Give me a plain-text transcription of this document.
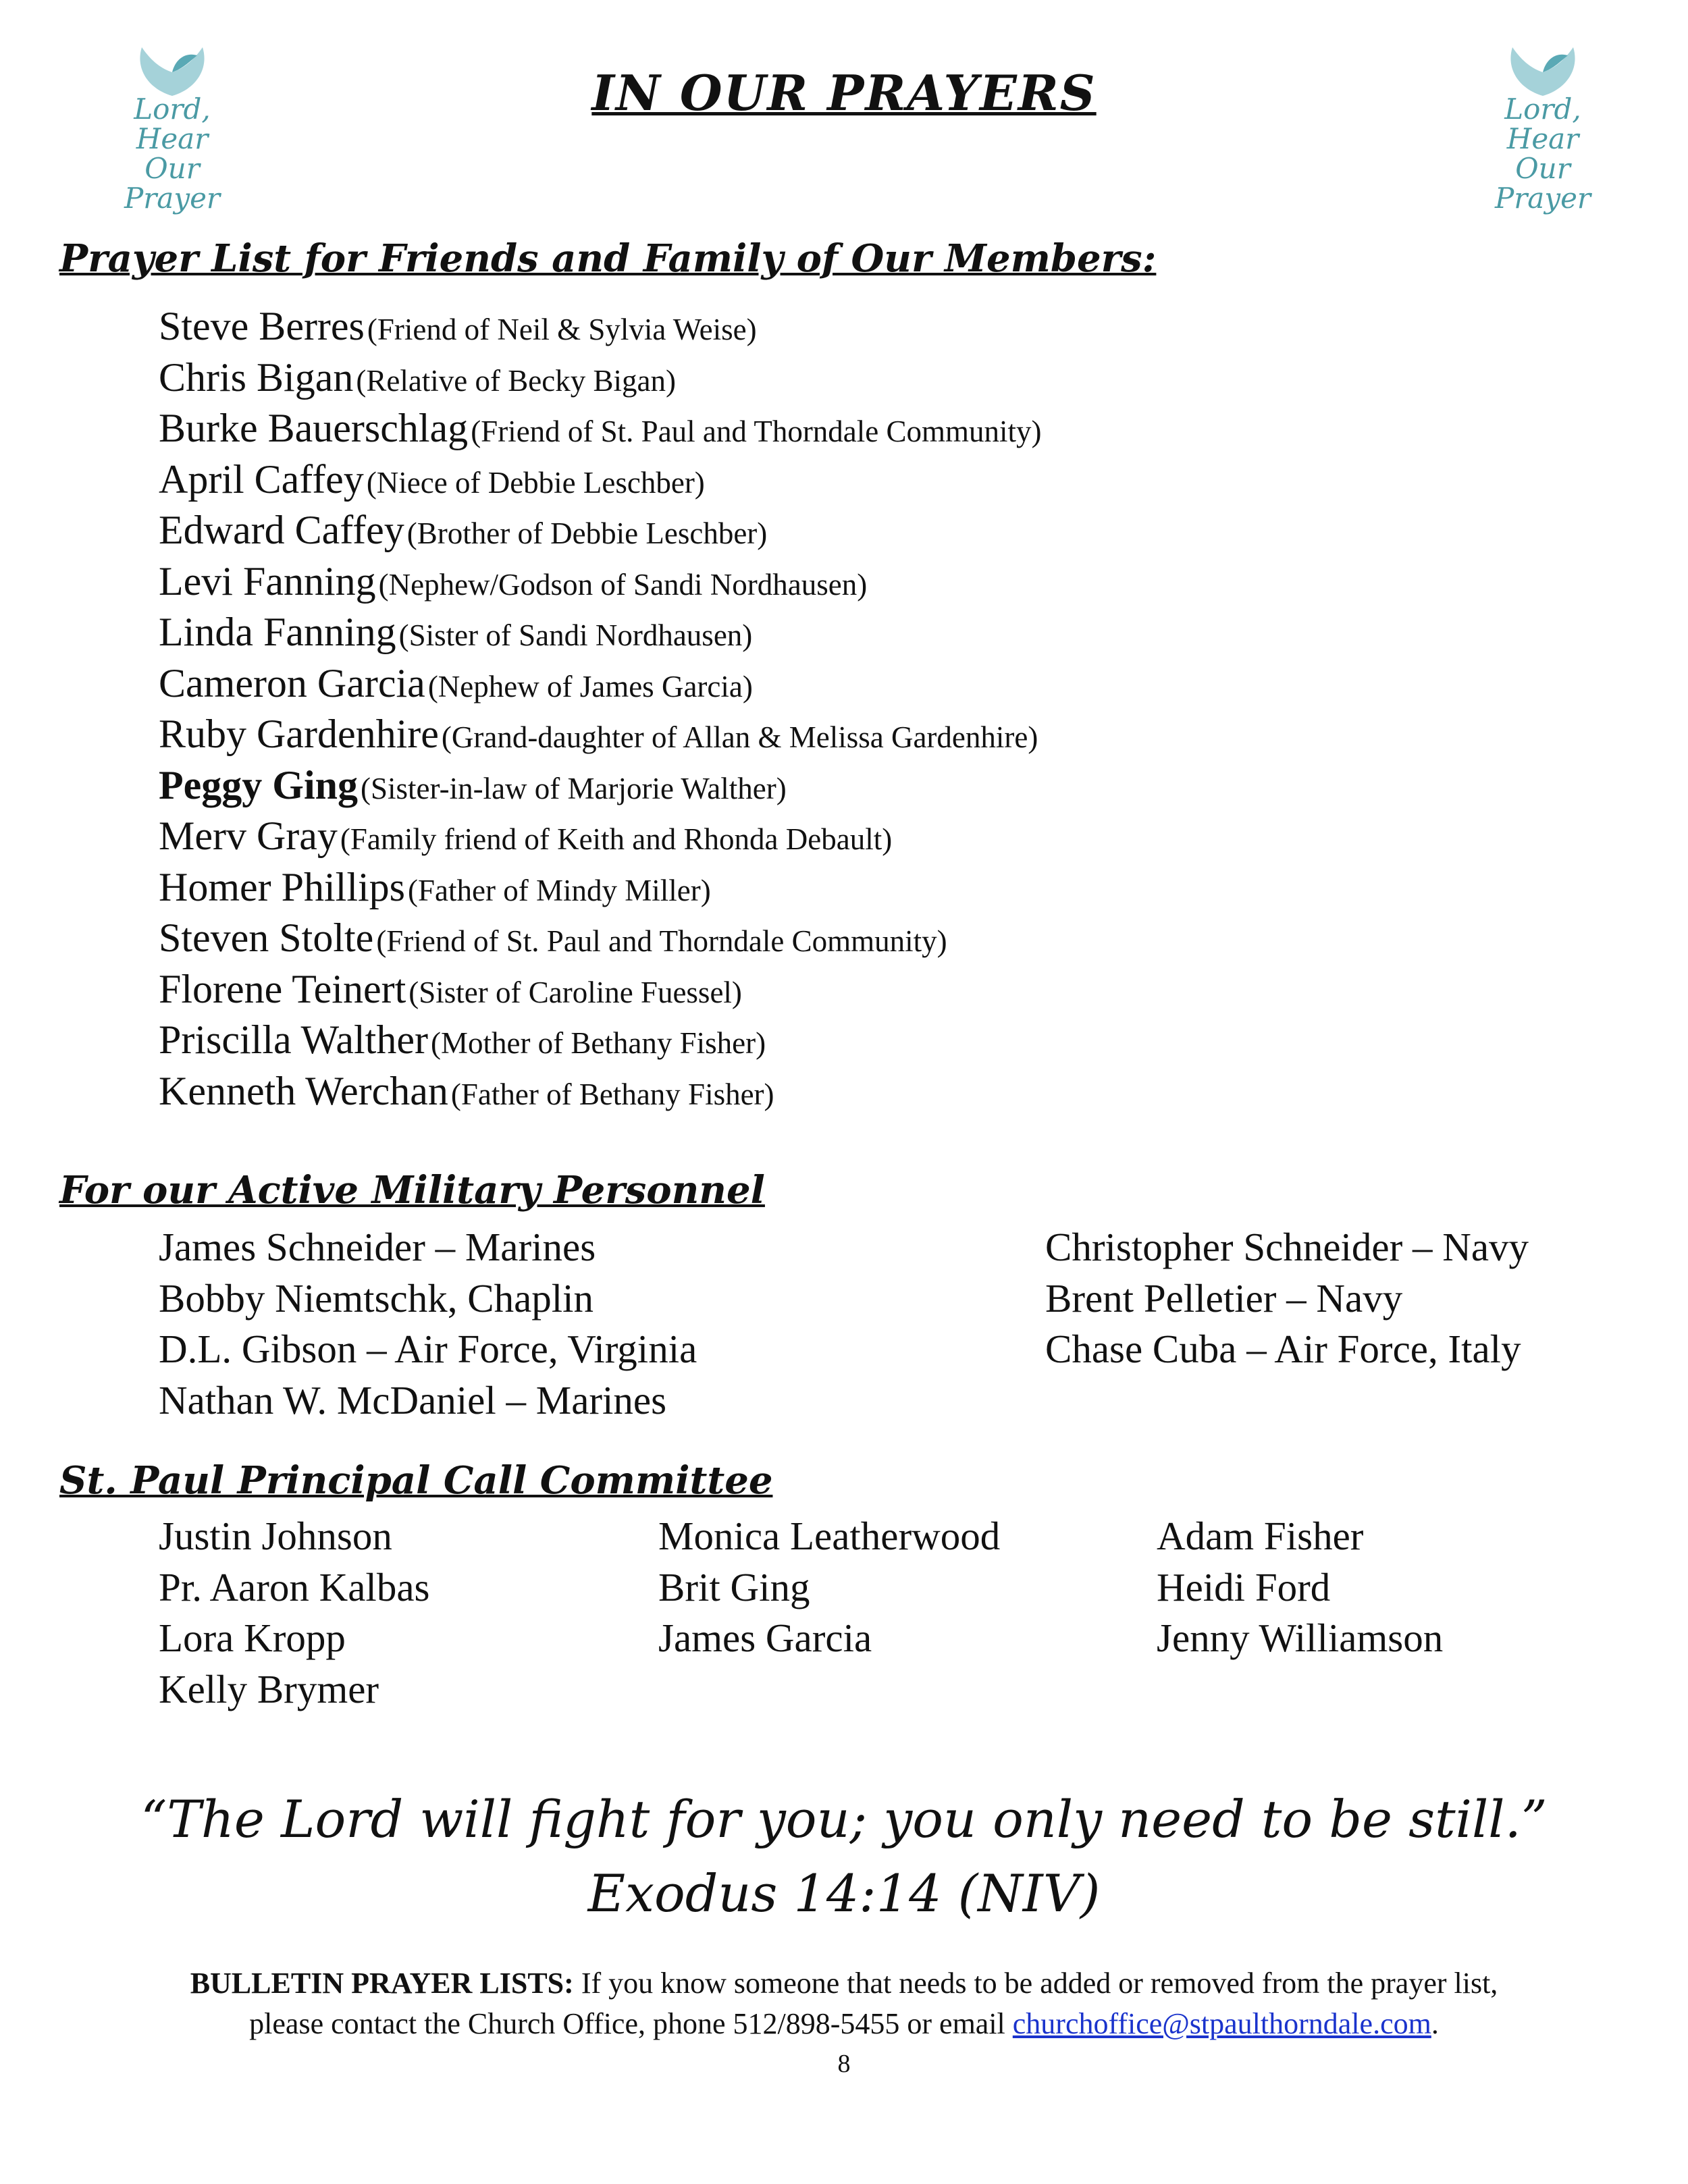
Lord,
Hear Our
Prayer
Lord,
Hear Our
Prayer
IN OUR PRAYERS
Prayer List for Friends and Family of Our Members:
Steve Berres (Friend of Neil & Sylvia Weise)
Chris Bigan (Relative of Becky Bigan)
Burke Bauerschlag (Friend of St. Paul and Thorndale Community)
April Caffey (Niece of Debbie Leschber)
Edward Caffey (Brother of Debbie Leschber)
Levi Fanning (Nephew/Godson of Sandi Nordhausen)
Linda Fanning (Sister of Sandi Nordhausen)
Cameron Garcia (Nephew of James Garcia)
Ruby Gardenhire (Grand-daughter of Allan & Melissa Gardenhire)
Peggy Ging (Sister-in-law of Marjorie Walther)
Merv Gray (Family friend of Keith and Rhonda Debault)
Homer Phillips (Father of Mindy Miller)
Steven Stolte (Friend of St. Paul and Thorndale Community)
Florene Teinert (Sister of Caroline Fuessel)
Priscilla Walther (Mother of Bethany Fisher)
Kenneth Werchan (Father of Bethany Fisher)
For our Active Military Personnel
James Schneider – Marines
Bobby Niemtschk, Chaplin
D.L. Gibson – Air Force, Virginia
Nathan W. McDaniel – Marines
Christopher Schneider – Navy
Brent Pelletier – Navy
Chase Cuba – Air Force, Italy
St. Paul Principal Call Committee
Justin Johnson
Pr. Aaron Kalbas
Lora Kropp
Kelly Brymer
Monica Leatherwood
Brit Ging
James Garcia
Adam Fisher
Heidi Ford
Jenny Williamson
“The Lord will fight for you; you only need to be still.”
Exodus 14:14 (NIV)
BULLETIN PRAYER LISTS: If you know someone that needs to be added or removed from the prayer list,
please contact the Church Office, phone 512/898-5455 or email churchoffice@stpaulthorndale.com.
8
